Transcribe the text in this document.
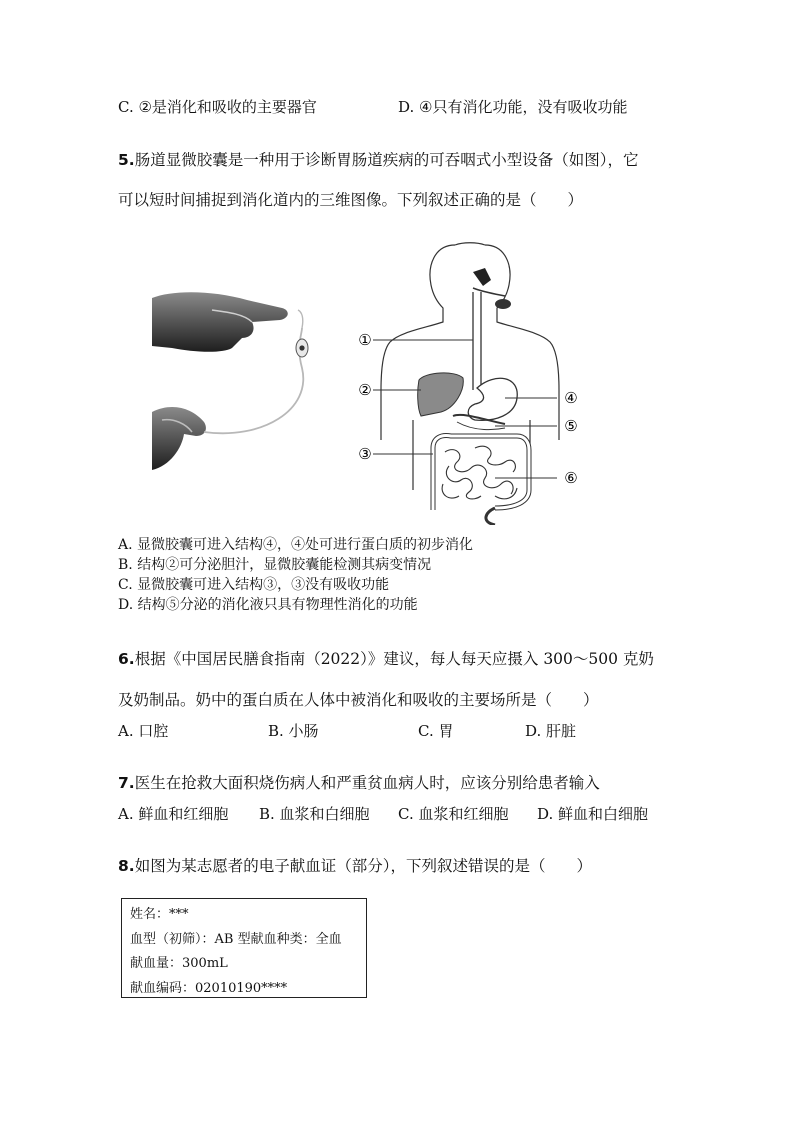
C. ②是消化和吸收的主要器官	D. ④只有消化功能，没有吸收功能
5.肠道显微胶囊是一种用于诊断胃肠道疾病的可吞咽式小型设备（如图），它
可以短时间捕捉到消化道内的三维图像。下列叙述正确的是（　　）
①
②
③
④
⑤
⑥
A. 显微胶囊可进入结构④，④处可进行蛋白质的初步消化
B. 结构②可分泌胆汁，显微胶囊能检测其病变情况
C. 显微胶囊可进入结构③，③没有吸收功能
D. 结构⑤分泌的消化液只具有物理性消化的功能
6.根据《中国居民膳食指南（2022）》建议，每人每天应摄入 300～500 克奶
及奶制品。奶中的蛋白质在人体中被消化和吸收的主要场所是（　　）
A. 口腔	B. 小肠	C. 胃	D. 肝脏
7.医生在抢救大面积烧伤病人和严重贫血病人时，应该分别给患者输入
A. 鲜血和红细胞 B. 血浆和白细胞 C. 血浆和红细胞 D. 鲜血和白细胞
8.如图为某志愿者的电子献血证（部分），下列叙述错误的是（　　）
姓名：***
血型（初筛）：AB 型献血种类：全血
献血量：300mL
献血编码：02010190****
